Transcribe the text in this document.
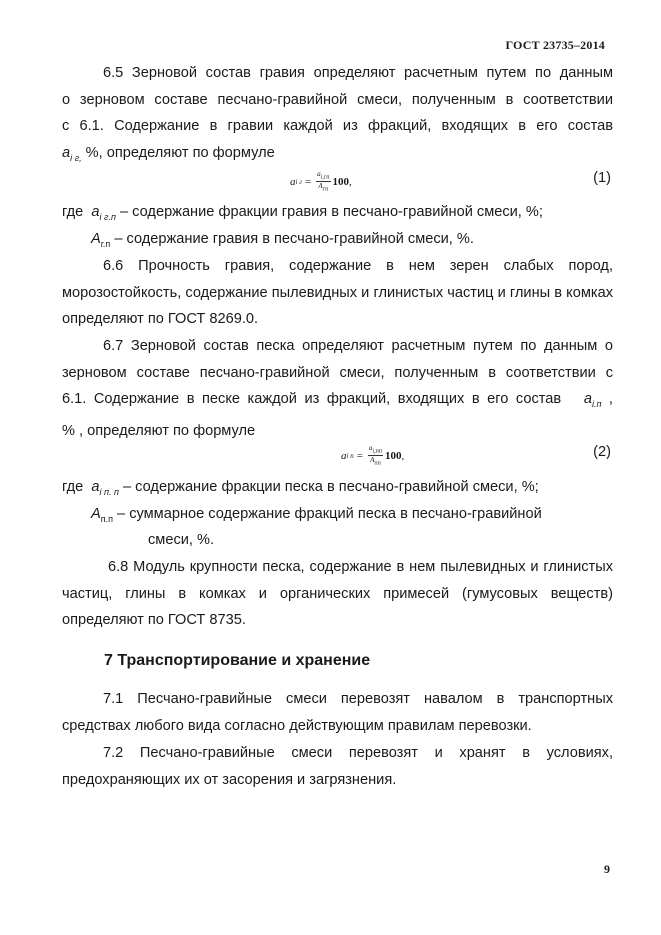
ГОСТ 23735–2014

6.5 Зерновой состав гравия определяют расчетным путем по данным

о зерновом составе песчано-гравийной смеси, полученным в соответствии

с 6.1. Содержание в гравии каждой из фракций, входящих в его состав

$a_{i г,}$ %, определяют по формуле

a i $г = \frac{a_{i,гп}}{A_{гп}} 100$ ,	(1)
где $a_{i г.п}$ – содержание фракции гравия в песчано-гравийной смеси, %;
$A_{г.п}$ – содержание гравия в песчано-гравийной смеси, %.

6.6 Прочность гравия, содержание в нем зерен слабых пород, морозостойкость, содержание пылевидных и глинистых частиц и глины в комках определяют по ГОСТ 8269.0.

6.7 Зерновой состав песка определяют расчетным путем по данным о

зерновом составе песчано-гравийной смеси, полученным в соответствии с

6.1. Содержание в песке каждой из фракций, входящих в его состав $a_{i.п}$ ,

% , определяют по формуле

a i $п = \frac{a_{i,пп}}{A_{пп}} 100$ ,	(2)
где $a_{i п. п}$ – содержание фракции песка в песчано-гравийной смеси, %;
$A_{п.п}$ – суммарное содержание фракций песка в песчано-гравийной
смеси, %.

6.8 Модуль крупности песка, содержание в нем пылевидных и глинистых частиц, глины в комках и органических примесей (гумусовых веществ) определяют по ГОСТ 8735.

7 Транспортирование и хранение

7.1 Песчано-гравийные смеси перевозят навалом в транспортных средствах любого вида согласно действующим правилам перевозки.

7.2 Песчано-гравийные смеси перевозят и хранят в условиях, предохраняющих их от засорения и загрязнения.

9
